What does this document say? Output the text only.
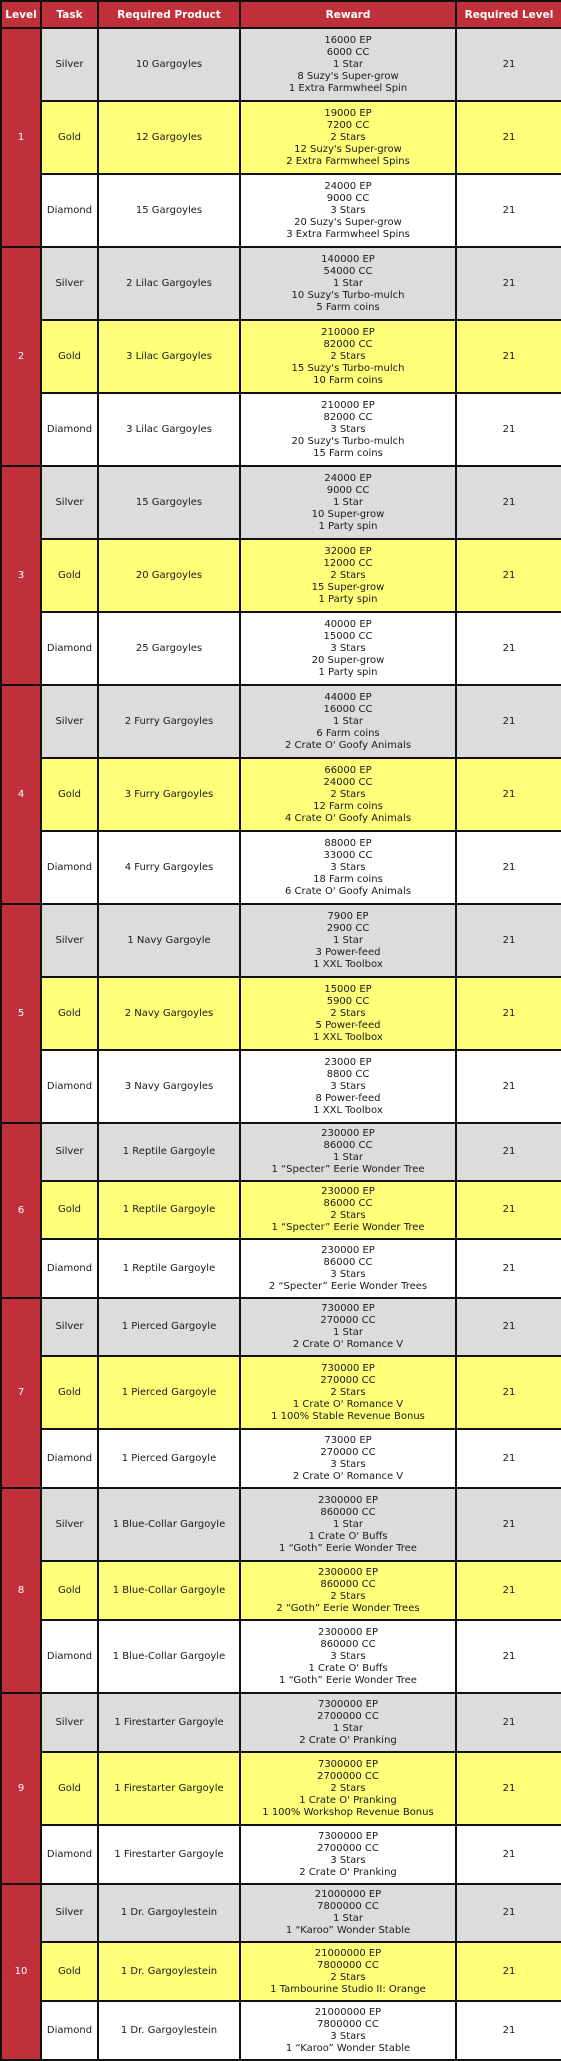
Level	Task	Required Product	Reward	Required Level
1	Silver	10 Gargoyles	16000 EP
6000 CC
1 Star
8 Suzy's Super-grow
1 Extra Farmwheel Spin	21
	Gold	12 Gargoyles	19000 EP
7200 CC
2 Stars
12 Suzy's Super-grow
2 Extra Farmwheel Spins	21
	Diamond	15 Gargoyles	24000 EP
9000 CC
3 Stars
20 Suzy's Super-grow
3 Extra Farmwheel Spins	21
2	Silver	2 Lilac Gargoyles	140000 EP
54000 CC
1 Star
10 Suzy's Turbo-mulch
5 Farm coins	21
	Gold	3 Lilac Gargoyles	210000 EP
82000 CC
2 Stars
15 Suzy's Turbo-mulch
10 Farm coins	21
	Diamond	3 Lilac Gargoyles	210000 EP
82000 CC
3 Stars
20 Suzy's Turbo-mulch
15 Farm coins	21
3	Silver	15 Gargoyles	24000 EP
9000 CC
1 Star
10 Super-grow
1 Party spin	21
	Gold	20 Gargoyles	32000 EP
12000 CC
2 Stars
15 Super-grow
1 Party spin	21
	Diamond	25 Gargoyles	40000 EP
15000 CC
3 Stars
20 Super-grow
1 Party spin	21
4	Silver	2 Furry Gargoyles	44000 EP
16000 CC
1 Star
6 Farm coins
2 Crate O' Goofy Animals	21
	Gold	3 Furry Gargoyles	66000 EP
24000 CC
2 Stars
12 Farm coins
4 Crate O' Goofy Animals	21
	Diamond	4 Furry Gargoyles	88000 EP
33000 CC
3 Stars
18 Farm coins
6 Crate O' Goofy Animals	21
5	Silver	1 Navy Gargoyle	7900 EP
2900 CC
1 Star
3 Power-feed
1 XXL Toolbox	21
	Gold	2 Navy Gargoyles	15000 EP
5900 CC
2 Stars
5 Power-feed
1 XXL Toolbox	21
	Diamond	3 Navy Gargoyles	23000 EP
8800 CC
3 Stars
8 Power-feed
1 XXL Toolbox	21
6	Silver	1 Reptile Gargoyle	230000 EP
86000 CC
1 Star
1 “Specter” Eerie Wonder Tree	21
	Gold	1 Reptile Gargoyle	230000 EP
86000 CC
2 Stars
1 “Specter” Eerie Wonder Tree	21
	Diamond	1 Reptile Gargoyle	230000 EP
86000 CC
3 Stars
2 “Specter” Eerie Wonder Trees	21
7	Silver	1 Pierced Gargoyle	730000 EP
270000 CC
1 Star
2 Crate O' Romance V	21
	Gold	1 Pierced Gargoyle	730000 EP
270000 CC
2 Stars
1 Crate O' Romance V
1 100% Stable Revenue Bonus	21
	Diamond	1 Pierced Gargoyle	73000 EP
270000 CC
3 Stars
2 Crate O' Romance V	21
8	Silver	1 Blue-Collar Gargoyle	2300000 EP
860000 CC
1 Star
1 Crate O' Buffs
1 “Goth” Eerie Wonder Tree	21
	Gold	1 Blue-Collar Gargoyle	2300000 EP
860000 CC
2 Stars
2 “Goth” Eerie Wonder Trees	21
	Diamond	1 Blue-Collar Gargoyle	2300000 EP
860000 CC
3 Stars
1 Crate O' Buffs
1 “Goth” Eerie Wonder Tree	21
9	Silver	1 Firestarter Gargoyle	7300000 EP
2700000 CC
1 Star
2 Crate O' Pranking	21
	Gold	1 Firestarter Gargoyle	7300000 EP
2700000 CC
2 Stars
1 Crate O' Pranking
1 100% Workshop Revenue Bonus	21
	Diamond	1 Firestarter Gargoyle	7300000 EP
2700000 CC
3 Stars
2 Crate O' Pranking	21
10	Silver	1 Dr. Gargoylestein	21000000 EP
7800000 CC
1 Star
1 “Karoo” Wonder Stable	21
	Gold	1 Dr. Gargoylestein	21000000 EP
7800000 CC
2 Stars
1 Tambourine Studio II: Orange	21
	Diamond	1 Dr. Gargoylestein	21000000 EP
7800000 CC
3 Stars
1 “Karoo” Wonder Stable	21
